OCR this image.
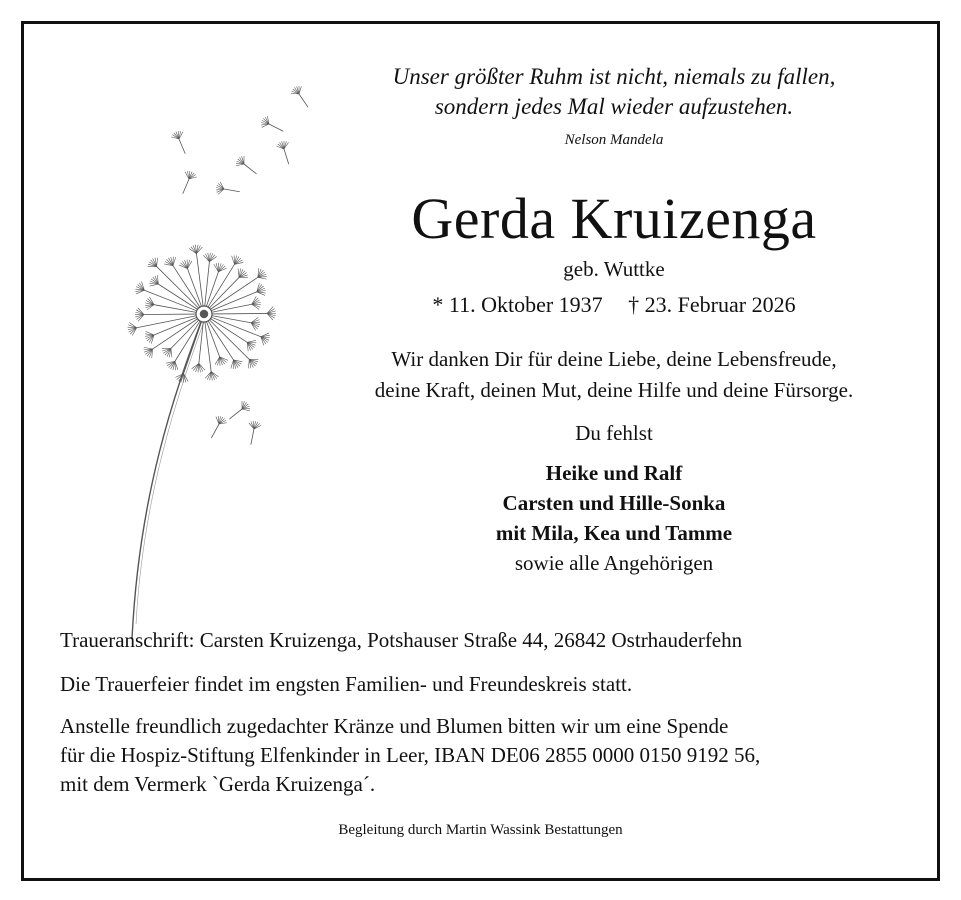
Unser größter Ruhm ist nicht, niemals zu fallen,
sondern jedes Mal wieder aufzustehen.
Nelson Mandela
Gerda Kruizenga
geb. Wuttke
* 11. Oktober 1937 † 23. Februar 2026
Wir danken Dir für deine Liebe, deine Lebensfreude,
deine Kraft, deinen Mut, deine Hilfe und deine Fürsorge.
Du fehlst
Heike und Ralf
Carsten und Hille-Sonka
mit Mila, Kea und Tamme
sowie alle Angehörigen
Traueranschrift: Carsten Kruizenga, Potshauser Straße 44, 26842 Ostrhauderfehn
Die Trauerfeier findet im engsten Familien- und Freundeskreis statt.
Anstelle freundlich zugedachter Kränze und Blumen bitten wir um eine Spende
für die Hospiz-Stiftung Elfenkinder in Leer, IBAN DE06 2855 0000 0150 9192 56,
mit dem Vermerk `Gerda Kruizenga´.
Begleitung durch Martin Wassink Bestattungen
